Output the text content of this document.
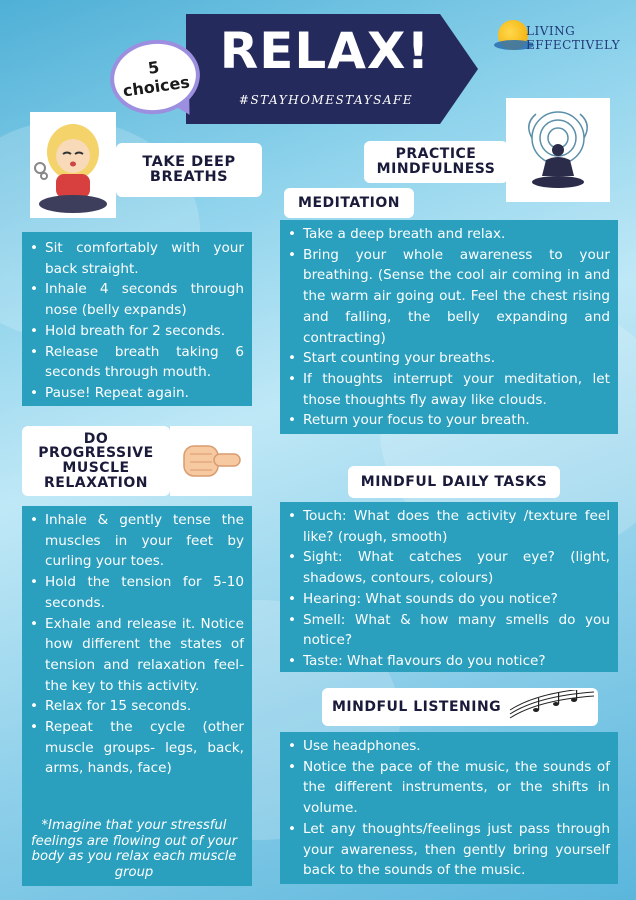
RELAX!
#STAYHOMESTAYSAFE
5
choices
LIVING
EFFECTIVELY
TAKE DEEP
BREATHS
PRACTICE
MINDFULNESS
MEDITATION
• Sit comfortably with your back straight.
• Inhale 4 seconds through nose (belly expands)
• Hold breath for 2 seconds.
• Release breath taking 6 seconds through mouth.
• Pause! Repeat again.
• Take a deep breath and relax.
• Bring your whole awareness to your breathing. (Sense the cool air coming in and the warm air going out. Feel the chest rising and falling, the belly expanding and contracting)
• Start counting your breaths.
• If thoughts interrupt your meditation, let those thoughts fly away like clouds.
• Return your focus to your breath.
DO
PROGRESSIVE
MUSCLE
RELAXATION	MINDFUL DAILY TASKS
• Inhale & gently tense the muscles in your feet by curling your toes.
• Hold the tension for 5-10 seconds.
• Exhale and release it. Notice how different the states of tension and relaxation feel- the key to this activity.
• Relax for 15 seconds.
• Repeat the cycle (other muscle groups- legs, back, arms, hands, face)
*Imagine that your stressful feelings are flowing out of your body as you relax each muscle group
• Touch: What does the activity /texture feel like? (rough, smooth)
• Sight: What catches your eye? (light, shadows, contours, colours)
• Hearing: What sounds do you notice?
• Smell: What & how many smells do you notice?
• Taste: What flavours do you notice?
MINDFUL LISTENING
• Use headphones.
• Notice the pace of the music, the sounds of the different instruments, or the shifts in volume.
• Let any thoughts/feelings just pass through your awareness, then gently bring yourself back to the sounds of the music.
